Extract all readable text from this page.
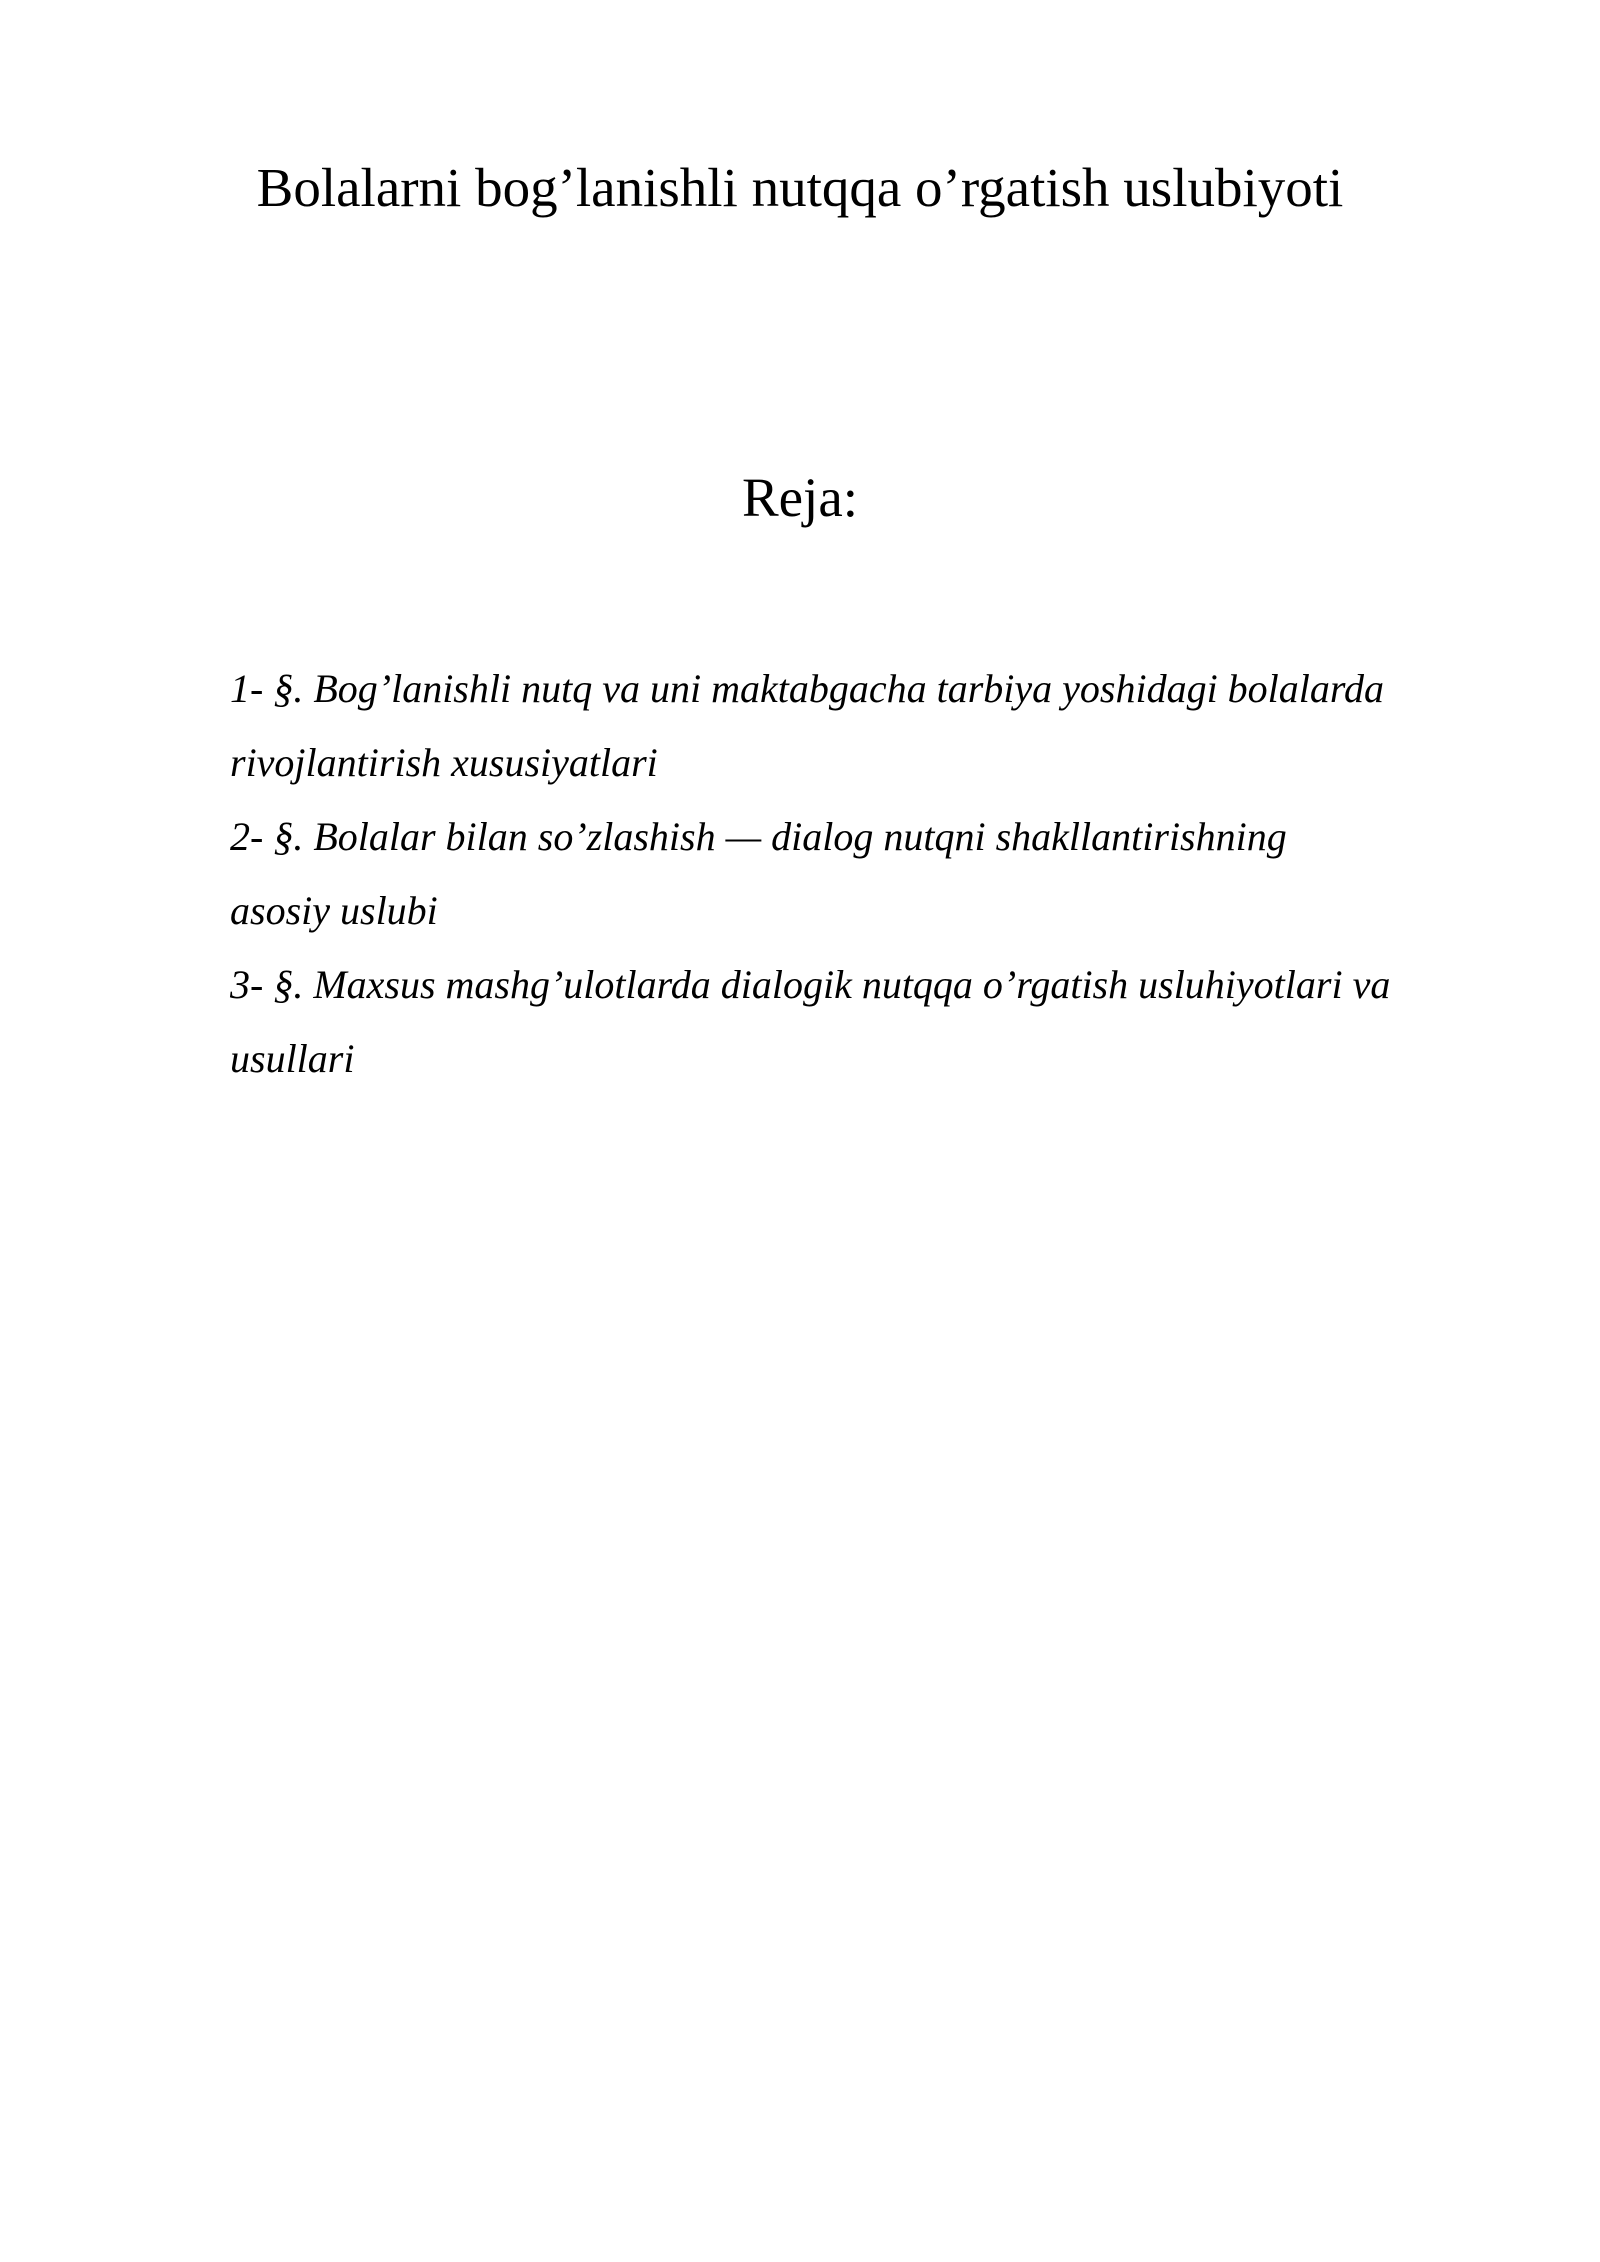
Bolalarni bog’lanishli nutqqa o’rgatish uslubiyoti
Reja:
1- §. Bog’lanishli nutq va uni maktabgacha tarbiya yoshidagi bolalarda
rivojlantirish xususiyatlari
2- §. Bolalar bilan so’zlashish — dialog nutqni shakllantirishning
asosiy uslubi
3- §. Maxsus mashg’ulotlarda dialogik nutqqa o’rgatish usluhiyotlari va
usullari
